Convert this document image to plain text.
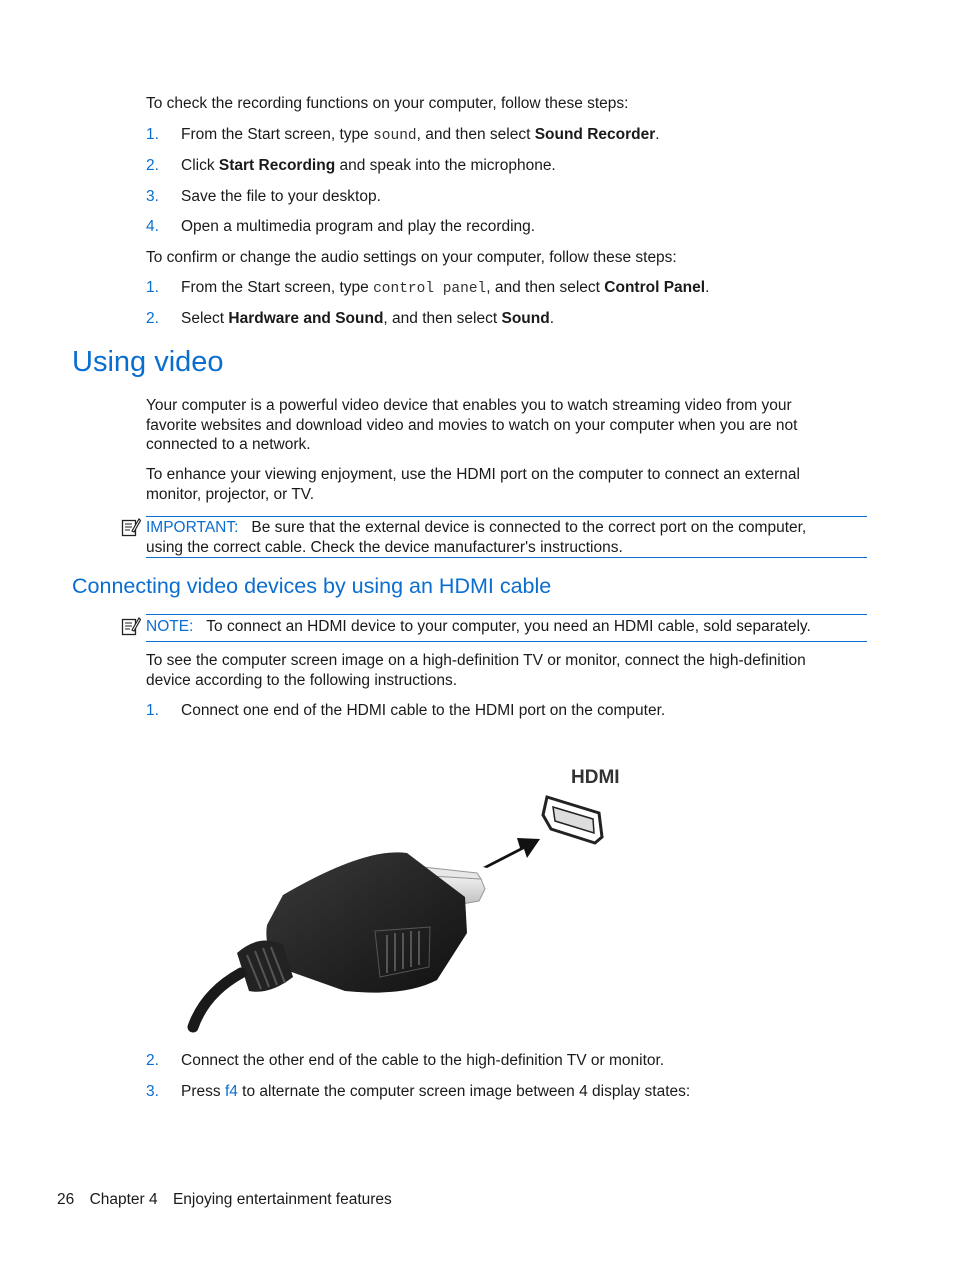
To check the recording functions on your computer, follow these steps:
1. From the Start screen, type sound, and then select Sound Recorder.
2. Click Start Recording and speak into the microphone.
3. Save the file to your desktop.
4. Open a multimedia program and play the recording.
To confirm or change the audio settings on your computer, follow these steps:
1. From the Start screen, type control panel, and then select Control Panel.
2. Select Hardware and Sound, and then select Sound.
Using video
Your computer is a powerful video device that enables you to watch streaming video from your favorite websites and download video and movies to watch on your computer when you are not connected to a network.
To enhance your viewing enjoyment, use the HDMI port on the computer to connect an external monitor, projector, or TV.
IMPORTANT: Be sure that the external device is connected to the correct port on the computer, using the correct cable. Check the device manufacturer's instructions.
Connecting video devices by using an HDMI cable
NOTE: To connect an HDMI device to your computer, you need an HDMI cable, sold separately.
To see the computer screen image on a high-definition TV or monitor, connect the high-definition device according to the following instructions.
1. Connect one end of the HDMI cable to the HDMI port on the computer.
HDMI
2. Connect the other end of the cable to the high-definition TV or monitor.
3. Press f4 to alternate the computer screen image between 4 display states:
26 Chapter 4 Enjoying entertainment features
